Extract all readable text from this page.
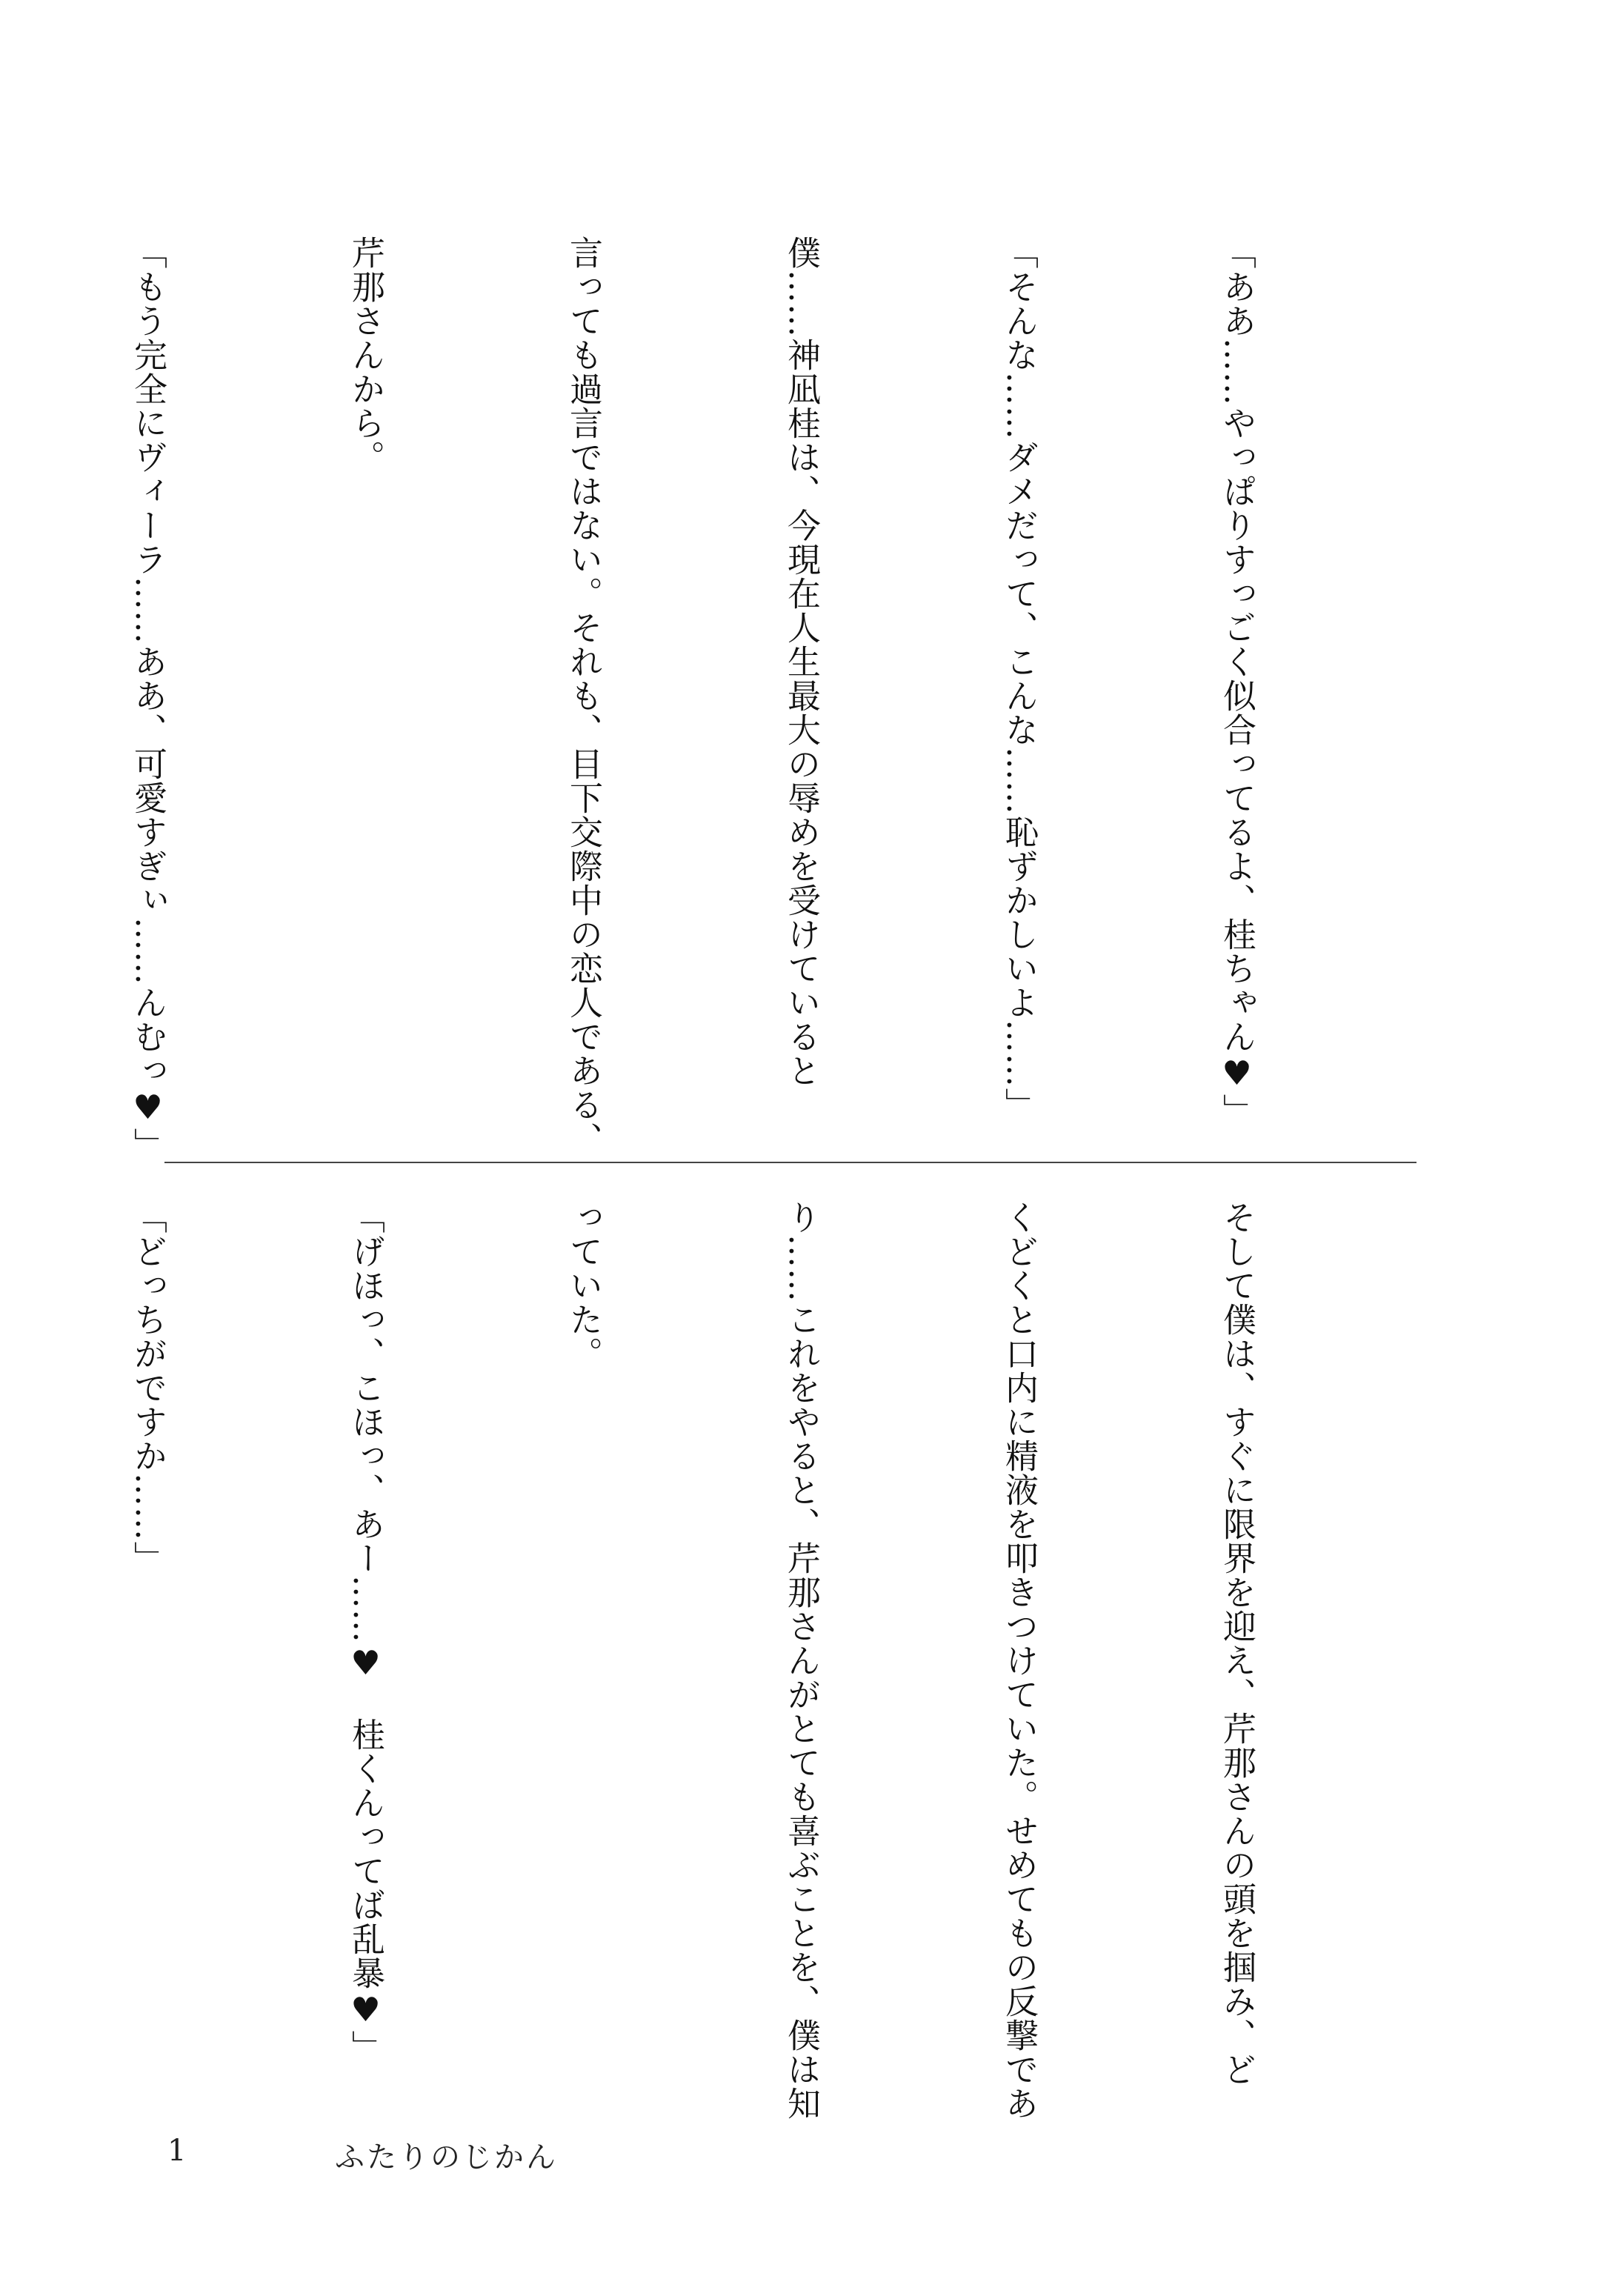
「ああ……やっぱりすっごく似合ってるよ、桂ちゃん♥」

「そんな……ダメだって、こんな……恥ずかしいよ……」

僕……神凪桂は、今現在人生最大の辱めを受けていると

言っても過言ではない。それも、目下交際中の恋人である、

芹那さんから。

「もう完全にヴィーラ……ああ、可愛すぎぃ……んむっ♥」

そして僕は、すぐに限界を迎え、芹那さんの頭を掴み、ど

くどくと口内に精液を叩きつけていた。せめてもの反撃であ

り……これをやると、芹那さんがとても喜ぶことを、僕は知

っていた。

「げほっ、こほっ、あー……♥　桂くんってば乱暴♥」

「どっちがですか……」

1	ふたりのじかん
